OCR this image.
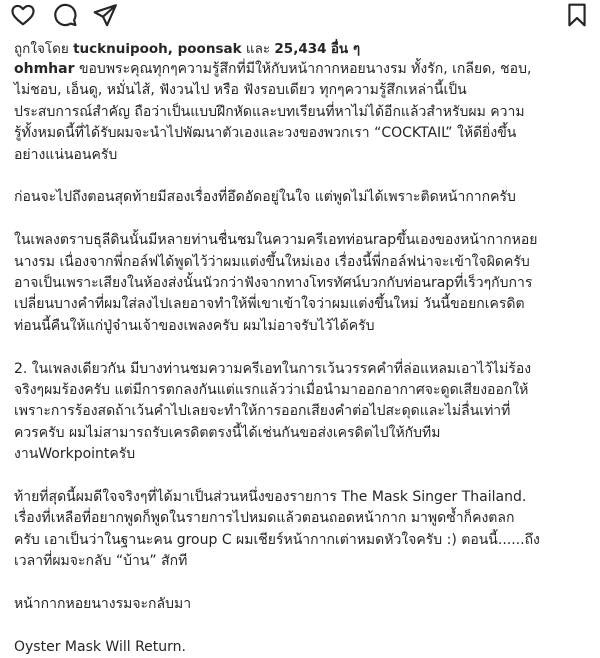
ถูกใจโดย tucknuipooh, poonsak และ 25,434 อื่น ๆ

ohmhar ขอบพระคุณทุกๆความรู้สึกที่มีให้กับหน้ากากหอยนางรม ทั้งรัก, เกลียด, ชอบ,

ไม่ชอบ, เอ็นดู, หมั่นไส้, ฟังวนไป หรือ ฟังรอบเดียว ทุกๆความรู้สึกเหล่านี้เป็น

ประสบการณ์สำคัญ ถือว่าเป็นแบบฝึกหัดและบทเรียนที่หาไม่ได้อีกแล้วสำหรับผม ความ

รู้ทั้งหมดนี้ที่ได้รับผมจะนำไปพัฒนาตัวเองและวงของพวกเรา “COCKTAIL” ให้ดียิ่งขึ้น

อย่างแน่นอนครับ

ก่อนจะไปถึงตอนสุดท้ายมีสองเรื่องที่อึดอัดอยู่ในใจ แต่พูดไม่ได้เพราะติดหน้ากากครับ

ในเพลงตราบธุลีดินนั้นมีหลายท่านชื่นชมในความครีเอทท่อนrapขึ้นเองของหน้ากากหอย

นางรม เนื่องจากพี่กอล์ฟได้พูดไว้ว่าผมแต่งขึ้นใหม่เอง เรื่องนี้พี่กอล์ฟน่าจะเข้าใจผิดครับ

อาจเป็นเพราะเสียงในห้องส่งนั้นนัวกว่าฟังจากทางโทรทัศน์บวกกับท่อนrapที่เร็วๆกับการ

เปลี่ยนบางคำที่ผมใส่ลงไปเลยอาจทำให้พี่เขาเข้าใจว่าผมแต่งขึ้นใหม่ วันนี้ขอยกเครดิต

ท่อนนี้คืนให้แก่ปู่จ๋านเจ้าของเพลงครับ ผมไม่อาจรับไว้ได้ครับ

2. ในเพลงเดียวกัน มีบางท่านชมความครีเอทในการเว้นวรรคคำที่ล่อแหลมเอาไว้ไม่ร้อง

จริงๆผมร้องครับ แต่มีการตกลงกันแต่แรกแล้วว่าเมื่อนำมาออกอากาศจะดูดเสียงออกให้

เพราะการร้องสดถ้าเว้นคำไปเลยจะทำให้การออกเสียงคำต่อไปสะดุดและไม่ลื่นเท่าที่

ควรครับ ผมไม่สามารถรับเครดิตตรงนี้ได้เช่นกันขอส่งเครดิตไปให้กับทีม

งานWorkpointครับ

ท้ายที่สุดนี้ผมดีใจจริงๆที่ได้มาเป็นส่วนหนึ่งของรายการ The Mask Singer Thailand.

เรื่องที่เหลือที่อยากพูดก็พูดในรายการไปหมดแล้วตอนถอดหน้ากาก มาพูดซ้ำก็คงตลก

ครับ เอาเป็นว่าในฐานะคน group C ผมเชียร์หน้ากากเต่าหมดหัวใจครับ :) ตอนนี้......ถึง

เวลาที่ผมจะกลับ “บ้าน” สักที

หน้ากากหอยนางรมจะกลับมา

Oyster Mask Will Return.
